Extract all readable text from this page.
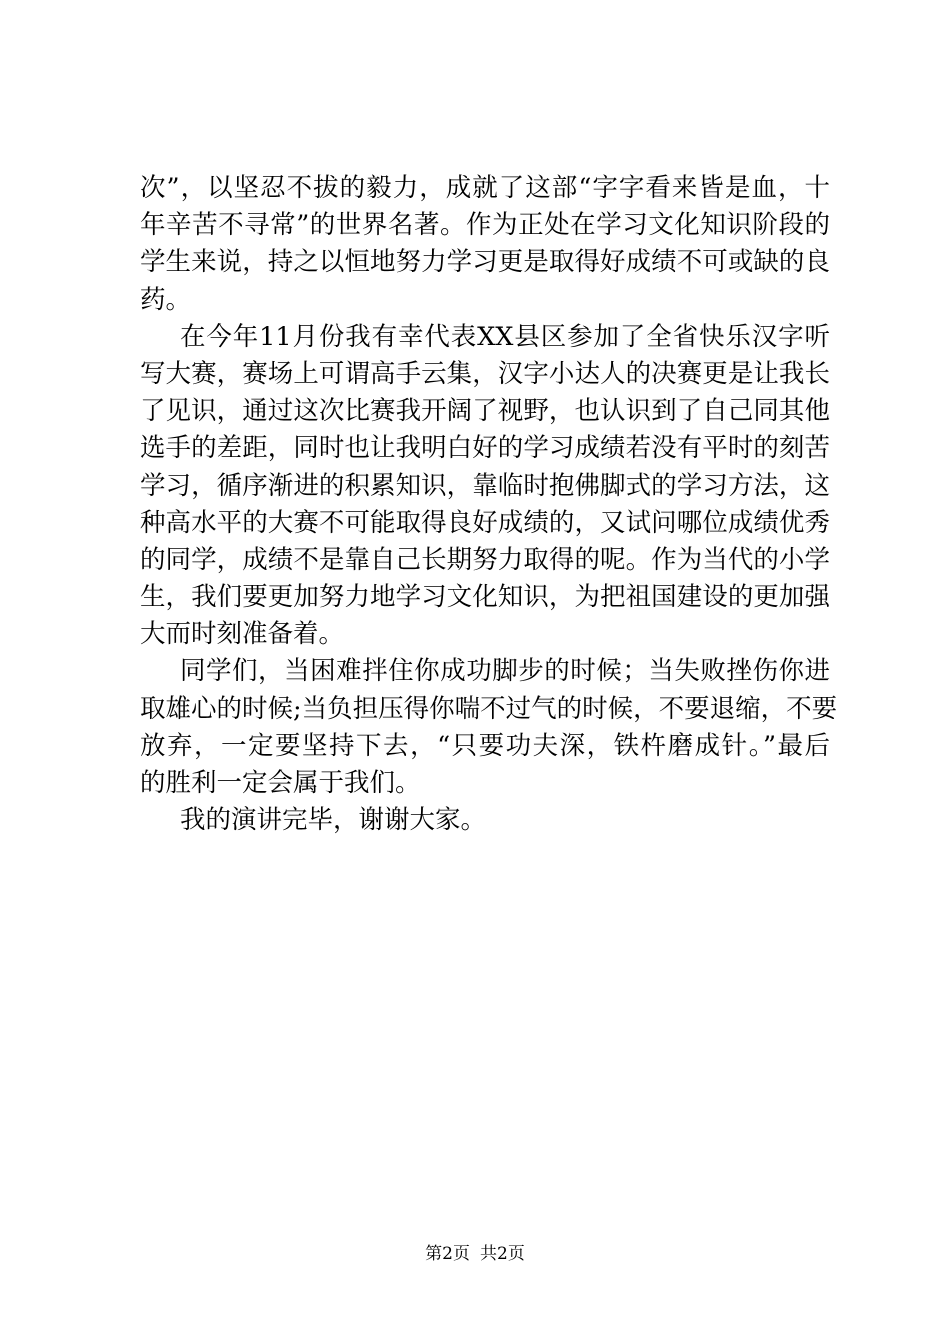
次”，以坚忍不拔的毅力，成就了这部“字字看来皆是血，十
年辛苦不寻常”的世界名著。作为正处在学习文化知识阶段的
学生来说，持之以恒地努力学习更是取得好成绩不可或缺的良
药。
在今年11月份我有幸代表XX县区参加了全省快乐汉字听
写大赛，赛场上可谓高手云集，汉字小达人的决赛更是让我长
了见识，通过这次比赛我开阔了视野，也认识到了自己同其他
选手的差距，同时也让我明白好的学习成绩若没有平时的刻苦
学习，循序渐进的积累知识，靠临时抱佛脚式的学习方法，这
种高水平的大赛不可能取得良好成绩的，又试问哪位成绩优秀
的同学，成绩不是靠自己长期努力取得的呢。作为当代的小学
生，我们要更加努力地学习文化知识，为把祖国建设的更加强
大而时刻准备着。
同学们，当困难拌住你成功脚步的时候；当失败挫伤你进
取雄心的时候;当负担压得你喘不过气的时候，不要退缩，不要
放弃，一定要坚持下去，“只要功夫深，铁杵磨成针。”最后
的胜利一定会属于我们。
我的演讲完毕，谢谢大家。
第2页 共2页
